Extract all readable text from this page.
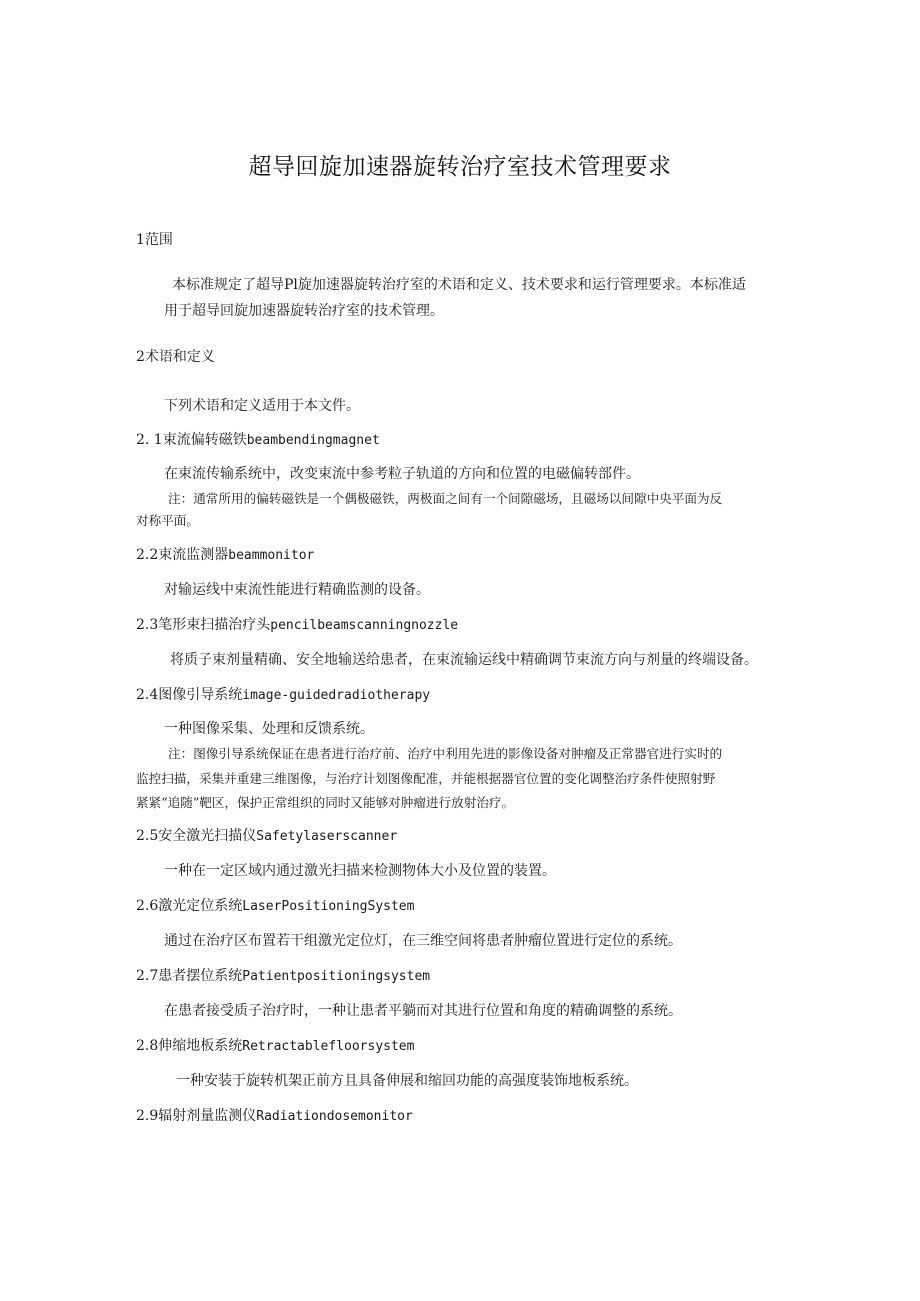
超导回旋加速器旋转治疗室技术管理要求
1范围
本标准规定了超导Pl旋加速器旋转治疗室的术语和定义、技术要求和运行管理要求。本标准适
用于超导回旋加速器旋转治疗室的技术管理。
2术语和定义
下列术语和定义适用于本文件。
2. 1束流偏转磁铁beambendingmagnet
在束流传输系统中，改变束流中参考粒子轨道的方向和位置的电磁偏转部件。
注：通常所用的偏转磁铁是一个偶极磁铁，两极面之间有一个间隙磁场，且磁场以间隙中央平面为反
对称平面。
2.2束流监测器beammonitor
对输运线中束流性能进行精确监测的设备。
2.3笔形束扫描治疗头pencilbeamscanningnozzle
将质子束剂量精确、安全地输送给患者，在束流输运线中精确调节束流方向与剂量的终端设备。
2.4图像引导系统image-guidedradiotherapy
一种图像采集、处理和反馈系统。
注：图像引导系统保证在患者进行治疗前、治疗中利用先进的影像设备对肿瘤及正常器官进行实时的
监控扫描，采集并重建三维图像，与治疗计划图像配准，并能根据器官位置的变化调整治疗条件使照射野
紧紧“追随”靶区，保护正常组织的同时又能够对肿瘤进行放射治疗。
2.5安全激光扫描仪Safetylaserscanner
一种在一定区域内通过激光扫描来检测物体大小及位置的装置。
2.6激光定位系统LaserPositioningSystem
通过在治疗区布置若干组激光定位灯，在三维空间将患者肿瘤位置进行定位的系统。
2.7患者摆位系统Patientpositioningsystem
在患者接受质子治疗时，一种让患者平躺而对其进行位置和角度的精确调整的系统。
2.8伸缩地板系统Retractablefloorsystem
一种安装于旋转机架正前方且具备伸展和缩回功能的高强度装饰地板系统。
2.9辐射剂量监测仪Radiationdosemonitor
